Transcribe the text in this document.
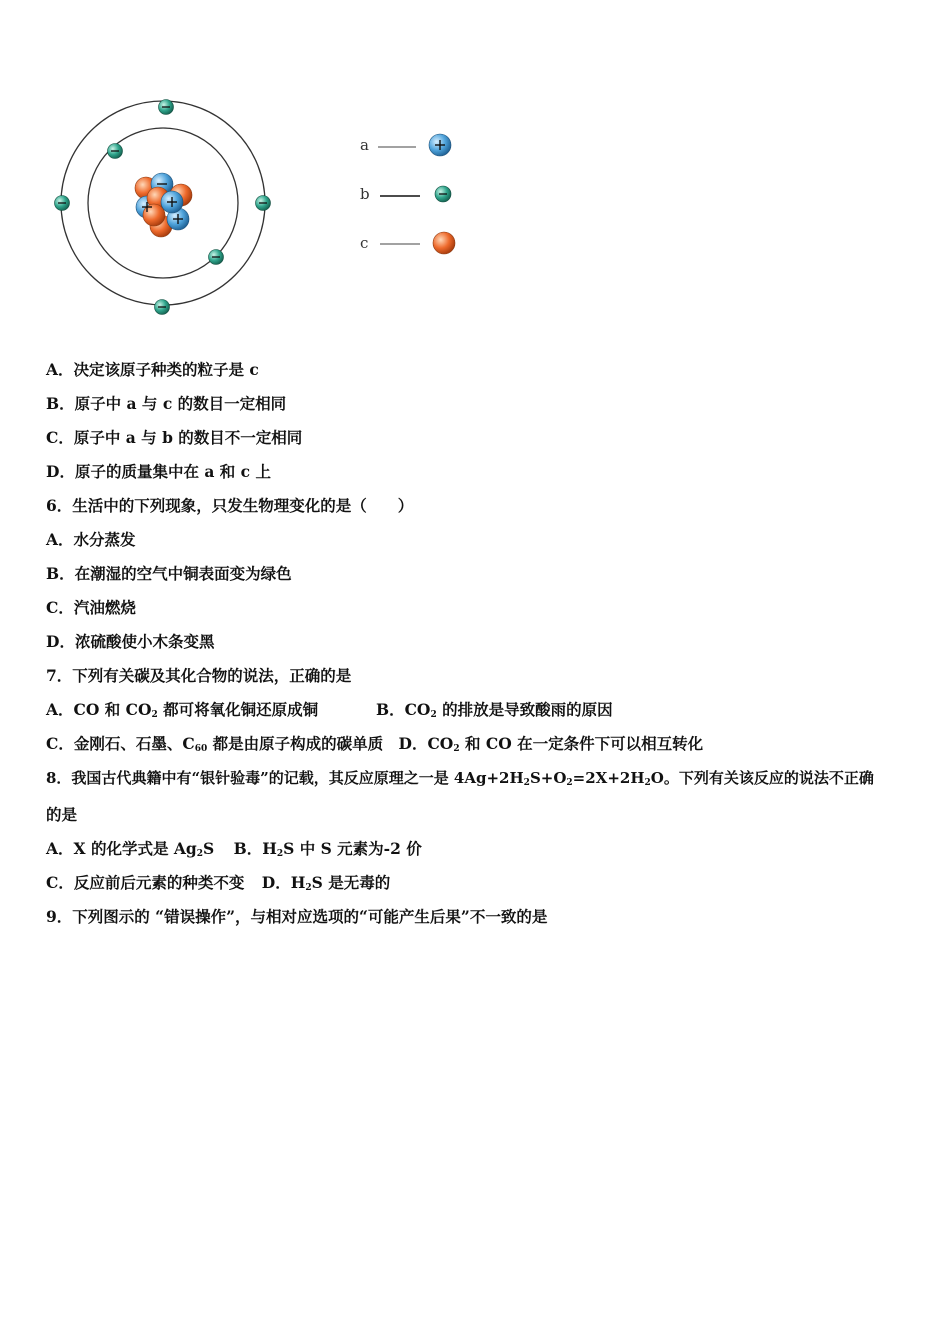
a
b
c
A．决定该原子种类的粒子是 c
B．原子中 a 与 c 的数目一定相同
C．原子中 a 与 b 的数目不一定相同
D．原子的质量集中在 a 和 c 上
6．生活中的下列现象，只发生物理变化的是（　　）
A．水分蒸发
B．在潮湿的空气中铜表面变为绿色
C．汽油燃烧
D．浓硫酸使小木条变黑
7．下列有关碳及其化合物的说法，正确的是
A．CO 和 $CO_2$ 都可将氧化铜还原成铜	B．$CO_2$ 的排放是导致酸雨的原因
C．金刚石、石墨、$C_{60}$ 都是由原子构成的碳单质 D．$CO_2$ 和 CO 在一定条件下可以相互转化
8．我国古代典籍中有“银针验毒”的记载，其反应原理之一是 $4Ag+2H_2S+O_2=2X+2H_2O$。下列有关该反应的说法不正确
的是
A．X 的化学式是 $Ag_2S$ B．$H_2S$ 中 S 元素为-2 价
C．反应前后元素的种类不变 D．$H_2S$ 是无毒的
9．下列图示的 “错误操作”，与相对应选项的“可能产生后果”不一致的是
